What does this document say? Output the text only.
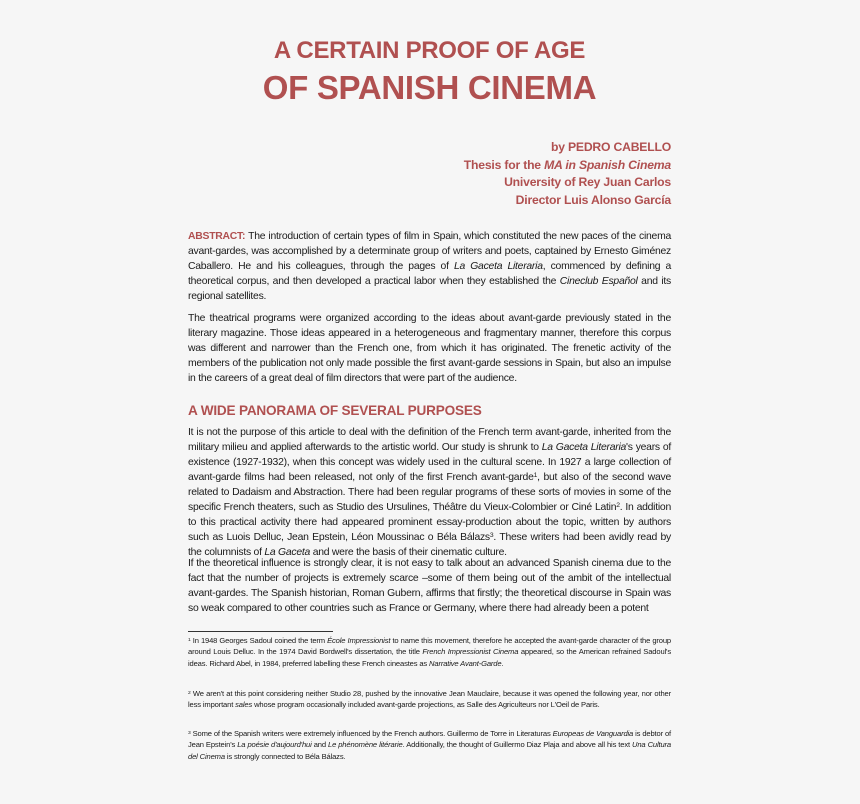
A CERTAIN PROOF OF AGE
OF SPANISH CINEMA
by PEDRO CABELLO
Thesis for the MA in Spanish Cinema
University of Rey Juan Carlos
Director Luis Alonso García

ABSTRACT: The introduction of certain types of film in Spain, which constituted the new paces of the cinema avant-gardes, was accomplished by a determinate group of writers and poets, captained by Ernesto Giménez Caballero. He and his colleagues, through the pages of La Gaceta Literaria, commenced by defining a theoretical corpus, and then developed a practical labor when they established the Cineclub Español and its regional satellites.

The theatrical programs were organized according to the ideas about avant-garde previously stated in the literary magazine. Those ideas appeared in a heterogeneous and fragmentary manner, therefore this corpus was different and narrower than the French one, from which it has originated. The frenetic activity of the members of the publication not only made possible the first avant-garde sessions in Spain, but also an impulse in the careers of a great deal of film directors that were part of the audience.

A WIDE PANORAMA OF SEVERAL PURPOSES

It is not the purpose of this article to deal with the definition of the French term avant-garde, inherited from the military milieu and applied afterwards to the artistic world. Our study is shrunk to La Gaceta Literaria's years of existence (1927-1932), when this concept was widely used in the cultural scene. In 1927 a large collection of avant-garde films had been released, not only of the first French avant-garde$^1$, but also of the second wave related to Dadaism and Abstraction. There had been regular programs of these sorts of movies in some of the specific French theaters, such as Studio des Ursulines, Théâtre du Vieux-Colombier or Ciné Latin$^2$. In addition to this practical activity there had appeared prominent essay-production about the topic, written by authors such as Luois Delluc, Jean Epstein, Léon Moussinac o Béla Bálazs$^3$. These writers had been avidly read by the columnists of La Gaceta and were the basis of their cinematic culture.

If the theoretical influence is strongly clear, it is not easy to talk about an advanced Spanish cinema due to the fact that the number of projects is extremely scarce –some of them being out of the ambit of the intellectual avant-gardes. The Spanish historian, Roman Gubern, affirms that firstly; the theoretical discourse in Spain was so weak compared to other countries such as France or Germany, where there had already been a potent

$^1$ In 1948 Georges Sadoul coined the term École Impressionist to name this movement, therefore he accepted the avant-garde character of the group around Louis Delluc. In the 1974 David Bordwell's dissertation, the title French Impressionist Cinema appeared, so the American refrained Sadoul's ideas. Richard Abel, in 1984, preferred labelling these French cineastes as Narrative Avant-Garde.

$^2$ We aren't at this point considering neither Studio 28, pushed by the innovative Jean Mauclaire, because it was opened the following year, nor other less important sales whose program occasionally included avant-garde projections, as Salle des Agriculteurs nor L'Oeil de Paris.

$^3$ Some of the Spanish writers were extremely influenced by the French authors. Guillermo de Torre in Literaturas Europeas de Vanguardia is debtor of Jean Epstein's La poésie d'aujourd'hui and Le phénomène litérarie. Additionally, the thought of Guillermo Diaz Plaja and above all his text Una Cultura del Cinema is strongly connected to Béla Bálazs.
